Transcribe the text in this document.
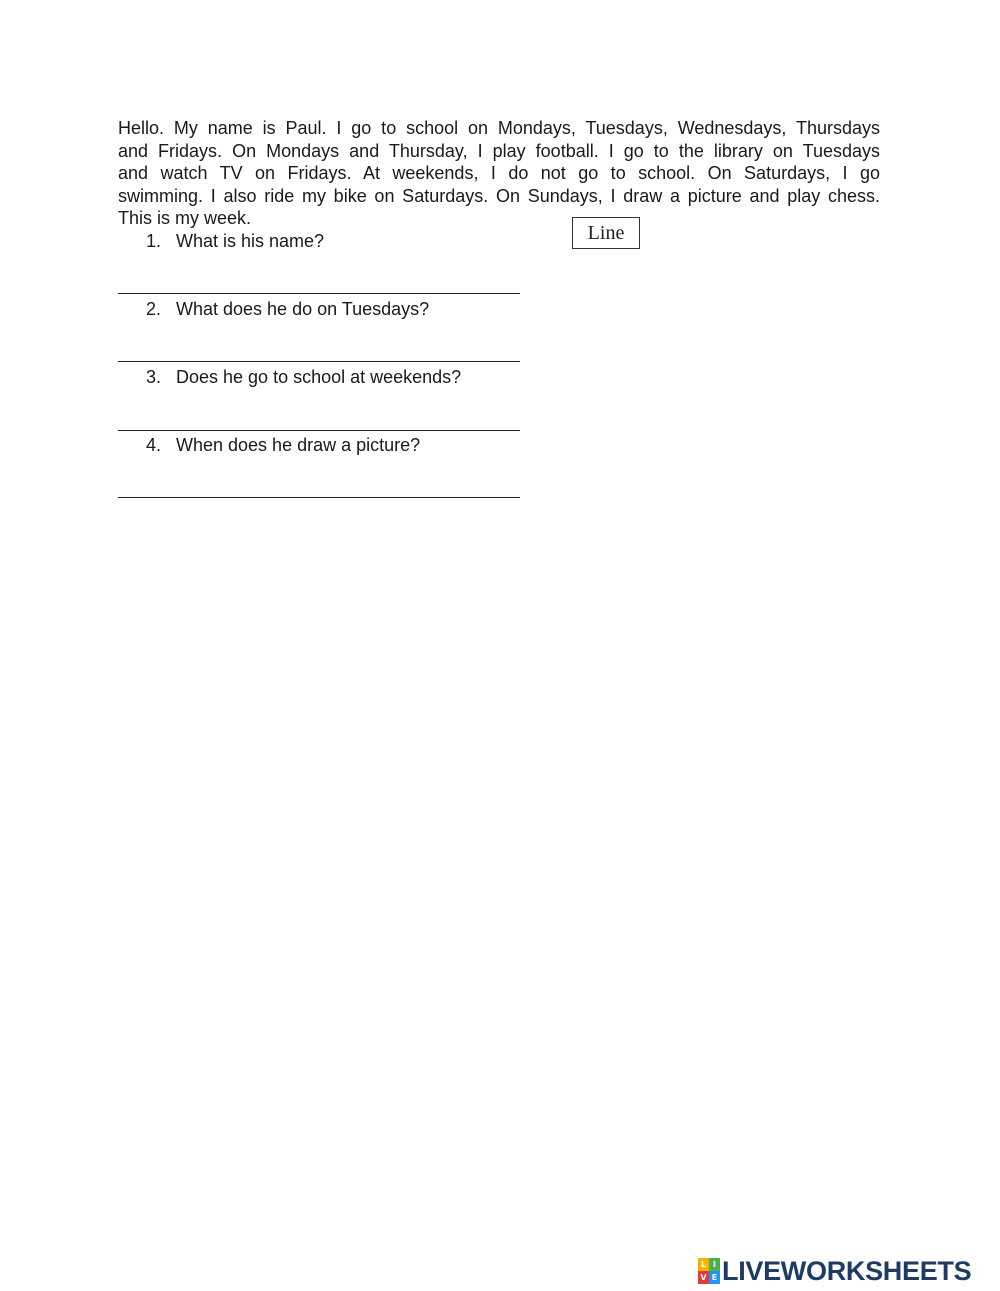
Hello. My name is Paul. I go to school on Mondays, Tuesdays, Wednesdays, Thursdays
and Fridays. On Mondays and Thursday, I play football. I go to the library on Tuesdays
and watch TV on Fridays. At weekends, I do not go to school. On Saturdays, I go
swimming. I also ride my bike on Saturdays. On Sundays, I draw a picture and play chess.
This is my week.
Line
1. What is his name?
2. What does he do on Tuesdays?
3. Does he go to school at weekends?
4. When does he draw a picture?
L I
V E LIVEWORKSHEETS
